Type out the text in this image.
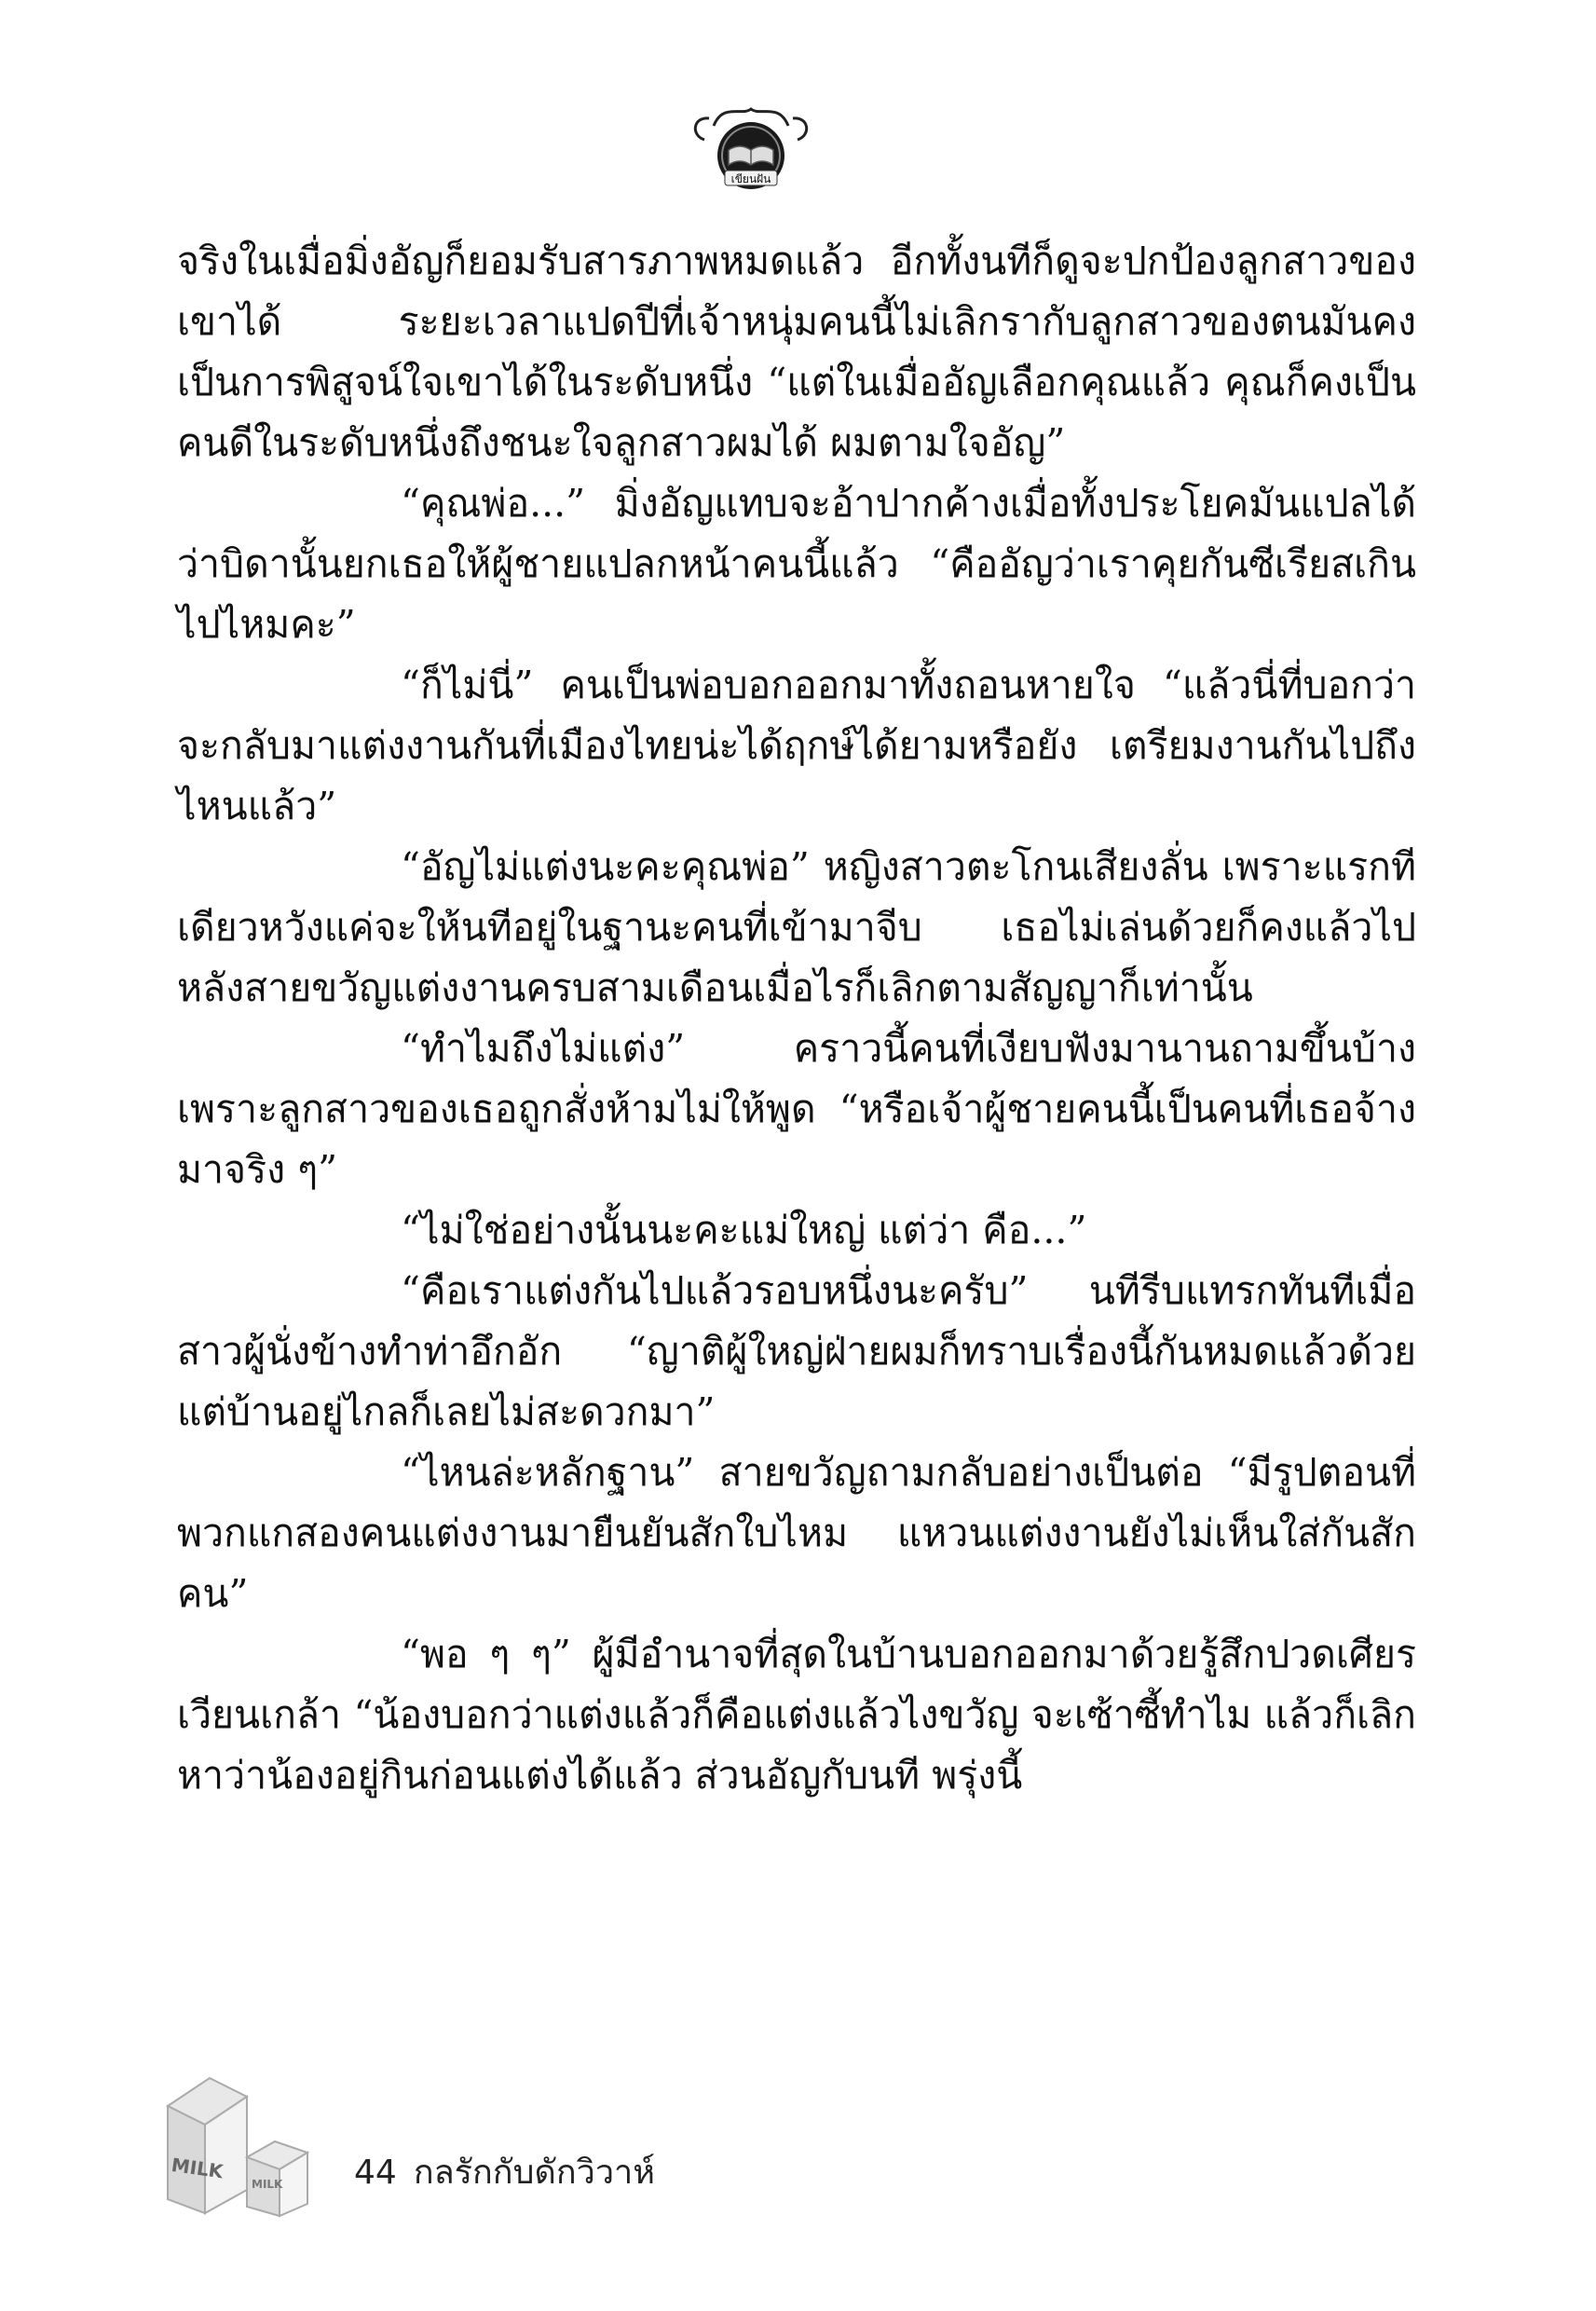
เขียนฝัน

จริงในเมื่อมิ่งอัญก็ยอมรับสารภาพหมดแล้ว อีกทั้งนทีก็ดูจะปกป้องลูกสาวของเขาได้ ระยะเวลาแปดปีที่เจ้าหนุ่มคนนี้ไม่เลิกรากับลูกสาวของตนมันคงเป็นการพิสูจน์ใจเขาได้ในระดับหนึ่ง “แต่ในเมื่ออัญเลือกคุณแล้ว คุณก็คงเป็นคนดีในระดับหนึ่งถึงชนะใจลูกสาวผมได้ ผมตามใจอัญ”

“คุณพ่อ...” มิ่งอัญแทบจะอ้าปากค้างเมื่อทั้งประโยคมันแปลได้ว่าบิดานั้นยกเธอให้ผู้ชายแปลกหน้าคนนี้แล้ว “คืออัญว่าเราคุยกันซีเรียสเกินไปไหมคะ”

“ก็ไม่นี่” คนเป็นพ่อบอกออกมาทั้งถอนหายใจ “แล้วนี่ที่บอกว่าจะกลับมาแต่งงานกันที่เมืองไทยน่ะได้ฤกษ์ได้ยามหรือยัง เตรียมงานกันไปถึงไหนแล้ว”

“อัญไม่แต่งนะคะคุณพ่อ” หญิงสาวตะโกนเสียงลั่น เพราะแรกทีเดียวหวังแค่จะให้นทีอยู่ในฐานะคนที่เข้ามาจีบ เธอไม่เล่นด้วยก็คงแล้วไป หลังสายขวัญแต่งงานครบสามเดือนเมื่อไรก็เลิกตามสัญญาก็เท่านั้น

“ทำไมถึงไม่แต่ง” คราวนี้คนที่เงียบฟังมานานถามขึ้นบ้างเพราะลูกสาวของเธอถูกสั่งห้ามไม่ให้พูด “หรือเจ้าผู้ชายคนนี้เป็นคนที่เธอจ้างมาจริง ๆ”

“ไม่ใช่อย่างนั้นนะคะแม่ใหญ่ แต่ว่า คือ...”

“คือเราแต่งกันไปแล้วรอบหนึ่งนะครับ” นทีรีบแทรกทันทีเมื่อสาวผู้นั่งข้างทำท่าอึกอัก “ญาติผู้ใหญ่ฝ่ายผมก็ทราบเรื่องนี้กันหมดแล้วด้วย แต่บ้านอยู่ไกลก็เลยไม่สะดวกมา”

“ไหนล่ะหลักฐาน” สายขวัญถามกลับอย่างเป็นต่อ “มีรูปตอนที่พวกแกสองคนแต่งงานมายืนยันสักใบไหม แหวนแต่งงานยังไม่เห็นใส่กันสักคน”

“พอ ๆ ๆ” ผู้มีอำนาจที่สุดในบ้านบอกออกมาด้วยรู้สึกปวดเศียรเวียนเกล้า “น้องบอกว่าแต่งแล้วก็คือแต่งแล้วไงขวัญ จะเซ้าซี้ทำไม แล้วก็เลิกหาว่าน้องอยู่กินก่อนแต่งได้แล้ว ส่วนอัญกับนที พรุ่งนี้

MILK
MILK 44 กลรักกับดักวิวาห์
